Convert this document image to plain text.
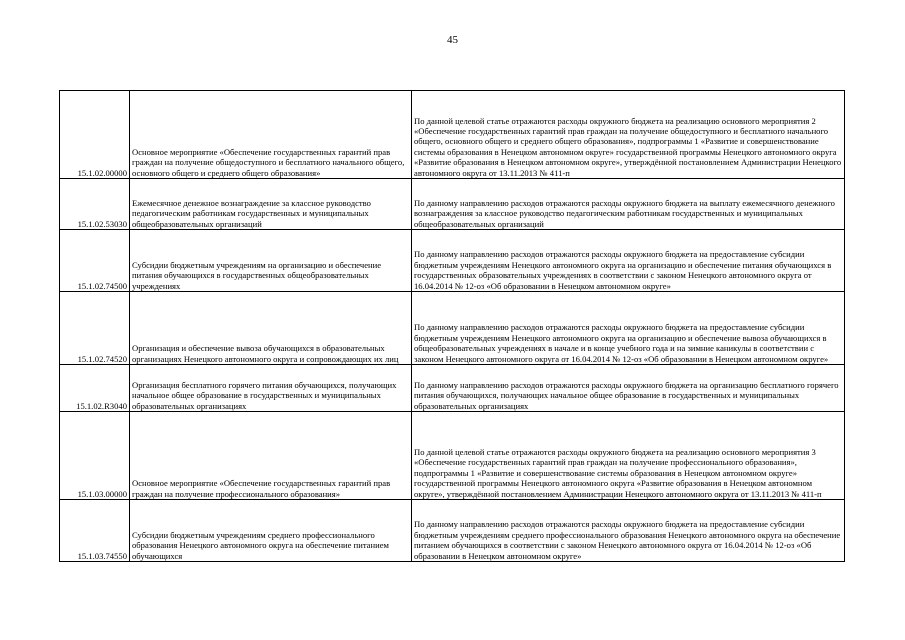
45
15.1.02.00000	Основное мероприятие «Обеспечение государственных гарантий прав граждан на получение общедоступного и бесплатного начального общего, основного общего и среднего общего образования»	По данной целевой статье отражаются расходы окружного бюджета на реализацию основного мероприятия 2 «Обеспечение государственных гарантий прав граждан на получение общедоступного и бесплатного начального общего, основного общего и среднего общего образования», подпрограммы 1 «Развитие и совершенствование системы образования в Ненецком автономном округе» государственной программы Ненецкого автономного округа «Развитие образования в Ненецком автономном округе», утверждённой постановлением Администрации Ненецкого автономного округа от 13.11.2013 № 411-п
15.1.02.53030	Ежемесячное денежное вознаграждение за классное руководство педагогическим работникам государственных и муниципальных общеобразовательных организаций	По данному направлению расходов отражаются расходы окружного бюджета на выплату ежемесячного денежного вознаграждения за классное руководство педагогическим работникам государственных и муниципальных общеобразовательных организаций
15.1.02.74500	Субсидии бюджетным учреждениям на организацию и обеспечение питания обучающихся в государственных общеобразовательных учреждениях	По данному направлению расходов отражаются расходы окружного бюджета на предоставление субсидии бюджетным учреждениям Ненецкого автономного округа на организацию и обеспечение питания обучающихся в государственных образовательных учреждениях в соответствии с законом Ненецкого автономного округа от 16.04.2014 № 12-оз «Об образовании в Ненецком автономном округе»
15.1.02.74520	Организация и обеспечение вывоза обучающихся в образовательных организациях Ненецкого автономного округа и сопровождающих их лиц	По данному направлению расходов отражаются расходы окружного бюджета на предоставление субсидии бюджетным учреждениям Ненецкого автономного округа на организацию и обеспечение вывоза обучающихся в общеобразовательных учреждениях в начале и в конце учебного года и на зимние каникулы в соответствии с законом Ненецкого автономного округа от 16.04.2014 № 12-оз «Об образовании в Ненецком автономном округе»
15.1.02.R3040	Организация бесплатного горячего питания обучающихся, получающих начальное общее образование в государственных и муниципальных образовательных организациях	По данному направлению расходов отражаются расходы окружного бюджета на организацию бесплатного горячего питания обучающихся, получающих начальное общее образование в государственных и муниципальных образовательных организациях
15.1.03.00000	Основное мероприятие «Обеспечение государственных гарантий прав граждан на получение профессионального образования»	По данной целевой статье отражаются расходы окружного бюджета на реализацию основного мероприятия 3 «Обеспечение государственных гарантий прав граждан на получение профессионального образования», подпрограммы 1 «Развитие и совершенствование системы образования в Ненецком автономном округе» государственной программы Ненецкого автономного округа «Развитие образования в Ненецком автономном округе», утверждённой постановлением Администрации Ненецкого автономного округа от 13.11.2013 № 411-п
15.1.03.74550	Субсидии бюджетным учреждениям среднего профессионального образования Ненецкого автономного округа на обеспечение питанием обучающихся	По данному направлению расходов отражаются расходы окружного бюджета на предоставление субсидии бюджетным учреждениям среднего профессионального образования Ненецкого автономного округа на обеспечение питанием обучающихся в соответствии с законом Ненецкого автономного округа от 16.04.2014 № 12-оз «Об образовании в Ненецком автономном округе»
